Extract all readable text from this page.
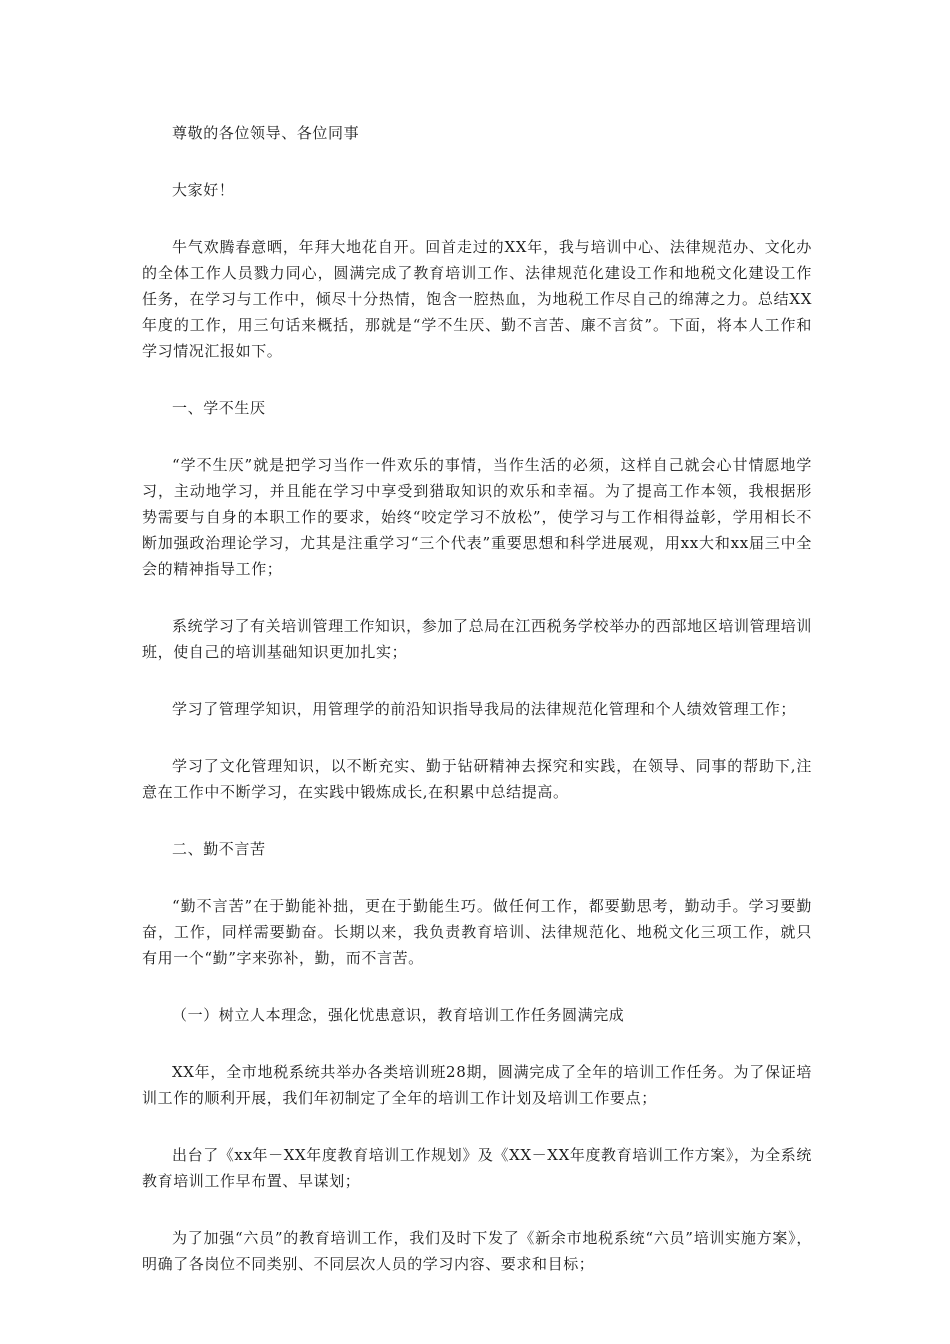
尊敬的各位领导、各位同事

大家好！

牛气欢腾春意晒，年拜大地花自开。回首走过的XX年，我与培训中心、法律规范办、文化办的全体工作人员戮力同心，圆满完成了教育培训工作、法律规范化建设工作和地税文化建设工作任务，在学习与工作中，倾尽十分热情，饱含一腔热血，为地税工作尽自己的绵薄之力。总结XX年度的工作，用三句话来概括，那就是“学不生厌、勤不言苦、廉不言贫”。下面，将本人工作和学习情况汇报如下。

一、学不生厌

“学不生厌”就是把学习当作一件欢乐的事情，当作生活的必须，这样自己就会心甘情愿地学习，主动地学习，并且能在学习中享受到猎取知识的欢乐和幸福。为了提高工作本领，我根据形势需要与自身的本职工作的要求，始终“咬定学习不放松”，使学习与工作相得益彰，学用相长不断加强政治理论学习，尤其是注重学习“三个代表”重要思想和科学进展观，用xx大和xx届三中全会的精神指导工作；

系统学习了有关培训管理工作知识，参加了总局在江西税务学校举办的西部地区培训管理培训班，使自己的培训基础知识更加扎实；

学习了管理学知识，用管理学的前沿知识指导我局的法律规范化管理和个人绩效管理工作；

学习了文化管理知识，以不断充实、勤于钻研精神去探究和实践，在领导、同事的帮助下,注意在工作中不断学习，在实践中锻炼成长,在积累中总结提高。

二、勤不言苦

“勤不言苦”在于勤能补拙，更在于勤能生巧。做任何工作，都要勤思考，勤动手。学习要勤奋，工作，同样需要勤奋。长期以来，我负责教育培训、法律规范化、地税文化三项工作，就只有用一个“勤”字来弥补，勤，而不言苦。

（一）树立人本理念，强化忧患意识，教育培训工作任务圆满完成

XX年，全市地税系统共举办各类培训班28期，圆满完成了全年的培训工作任务。为了保证培训工作的顺利开展，我们年初制定了全年的培训工作计划及培训工作要点；

出台了《xx年－XX年度教育培训工作规划》及《XX－XX年度教育培训工作方案》，为全系统教育培训工作早布置、早谋划；

为了加强“六员”的教育培训工作，我们及时下发了《新余市地税系统“六员”培训实施方案》，明确了各岗位不同类别、不同层次人员的学习内容、要求和目标；
